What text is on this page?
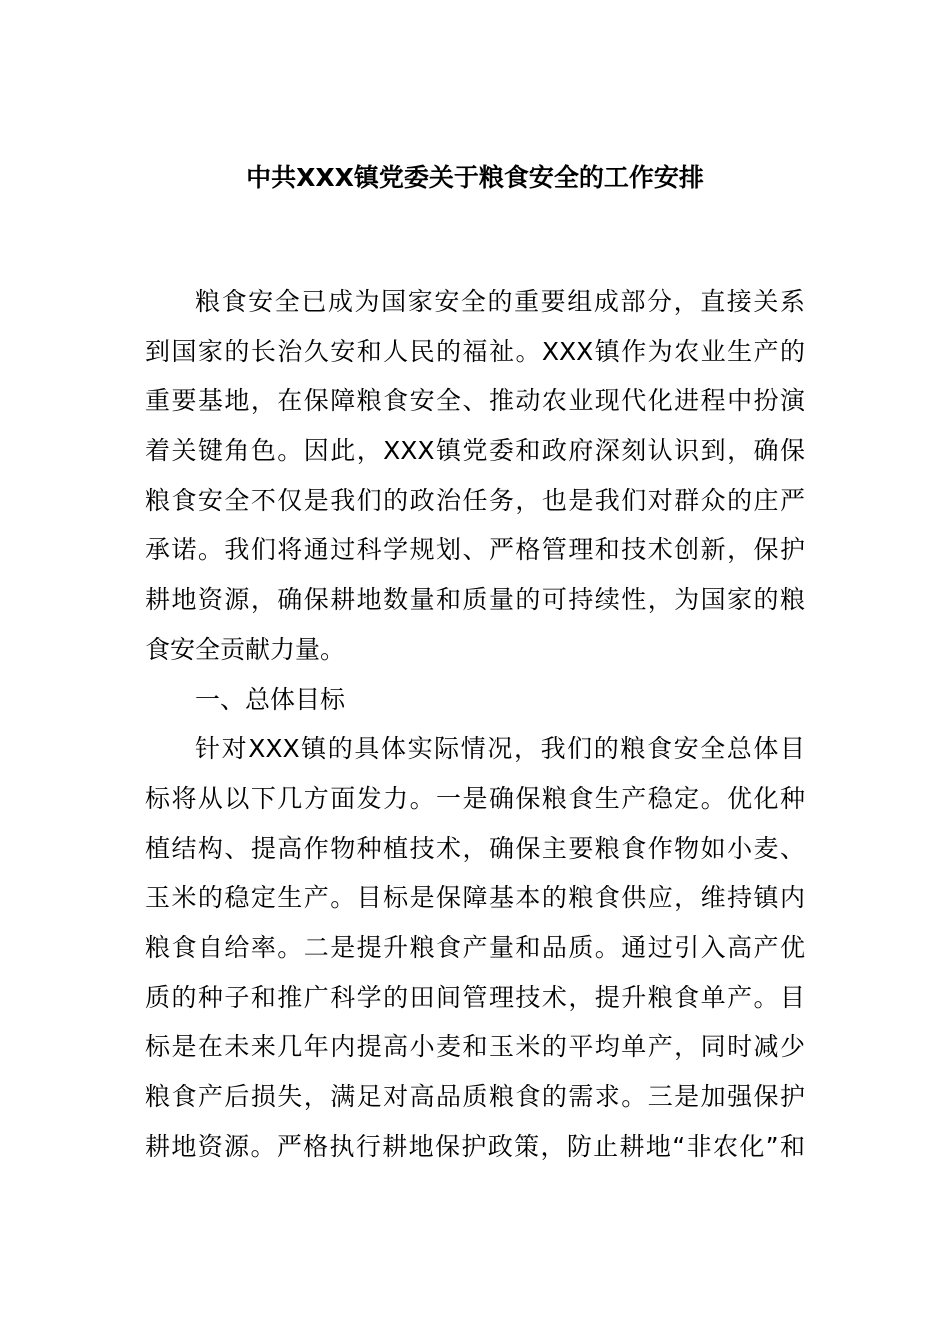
中共XXX镇党委关于粮食安全的工作安排
粮食安全已成为国家安全的重要组成部分，直接关系
到国家的长治久安和人民的福祉。XXX镇作为农业生产的
重要基地，在保障粮食安全、推动农业现代化进程中扮演
着关键角色。因此，XXX镇党委和政府深刻认识到，确保
粮食安全不仅是我们的政治任务，也是我们对群众的庄严
承诺。我们将通过科学规划、严格管理和技术创新，保护
耕地资源，确保耕地数量和质量的可持续性，为国家的粮
食安全贡献力量。
一、总体目标
针对XXX镇的具体实际情况，我们的粮食安全总体目
标将从以下几方面发力。一是确保粮食生产稳定。优化种
植结构、提高作物种植技术，确保主要粮食作物如小麦、
玉米的稳定生产。目标是保障基本的粮食供应，维持镇内
粮食自给率。二是提升粮食产量和品质。通过引入高产优
质的种子和推广科学的田间管理技术，提升粮食单产。目
标是在未来几年内提高小麦和玉米的平均单产，同时减少
粮食产后损失，满足对高品质粮食的需求。三是加强保护
耕地资源。严格执行耕地保护政策，防止耕地“非农化”和
